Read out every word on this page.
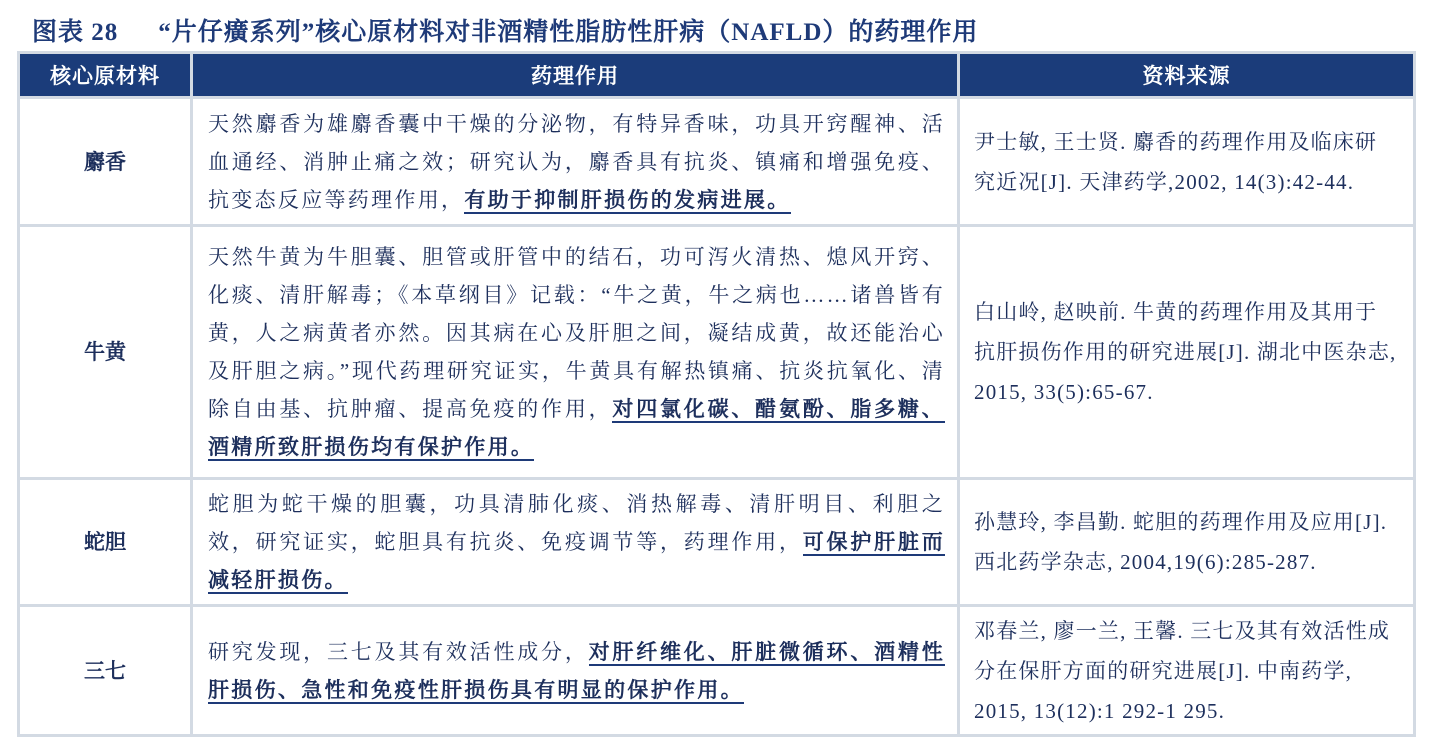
图表 28 “片仔癀系列”核心原材料对非酒精性脂肪性肝病（NAFLD）的药理作用
核心原材料	药理作用	资料来源
麝香	天然麝香为雄麝香囊中干燥的分泌物，有特异香味，功具开窍醒神、活血通经、消肿止痛之效；研究认为，麝香具有抗炎、镇痛和增强免疫、抗变态反应等药理作用，有助于抑制肝损伤的发病进展。	尹士敏, 王士贤. 麝香的药理作用及临床研究近况[J]. 天津药学,2002, 14(3):42-44.
牛黄	天然牛黄为牛胆囊、胆管或肝管中的结石，功可泻火清热、熄风开窍、化痰、清肝解毒；《本草纲目》记载：“牛之黄，牛之病也……诸兽皆有黄，人之病黄者亦然。因其病在心及肝胆之间，凝结成黄，故还能治心及肝胆之病。”现代药理研究证实，牛黄具有解热镇痛、抗炎抗氧化、清除自由基、抗肿瘤、提高免疫的作用，对四氯化碳、醋氨酚、脂多糖、酒精所致肝损伤均有保护作用。	白山岭, 赵映前. 牛黄的药理作用及其用于抗肝损伤作用的研究进展[J]. 湖北中医杂志, 2015, 33(5):65-67.
蛇胆	蛇胆为蛇干燥的胆囊，功具清肺化痰、消热解毒、清肝明目、利胆之效，研究证实，蛇胆具有抗炎、免疫调节等，药理作用，可保护肝脏而减轻肝损伤。	孙慧玲, 李昌勤. 蛇胆的药理作用及应用[J]. 西北药学杂志, 2004,19(6):285-287.
三七	研究发现，三七及其有效活性成分，对肝纤维化、肝脏微循环、酒精性肝损伤、急性和免疫性肝损伤具有明显的保护作用。	邓春兰, 廖一兰, 王馨. 三七及其有效活性成分在保肝方面的研究进展[J]. 中南药学, 2015, 13(12):1 292-1 295.
